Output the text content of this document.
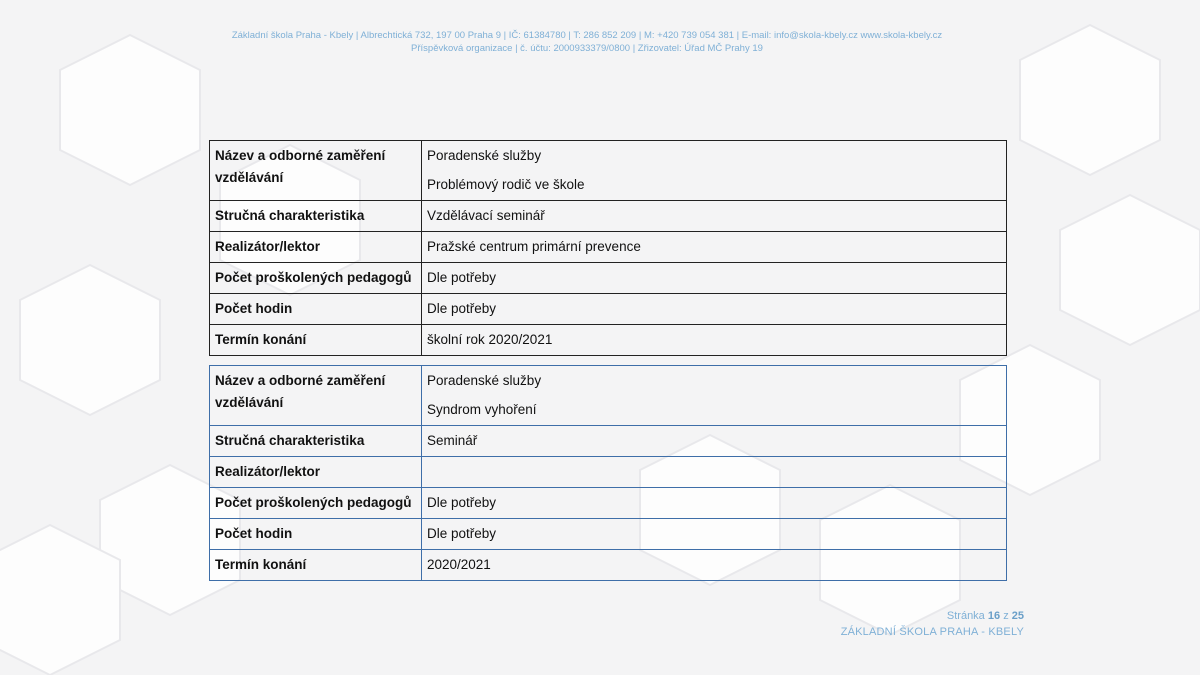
Základní škola Praha - Kbely | Albrechtická 732, 197 00 Praha 9 | IČ: 61384780 | T: 286 852 209 | M: +420 739 054 381 | E-mail: info@skola-kbely.cz www.skola-kbely.cz
Příspěvková organizace | č. účtu: 2000933379/0800 | Zřizovatel: Úřad MČ Prahy 19
Název a odborné zaměření vzdělávání	Poradenské služby
Problémový rodič ve škole

Stručná charakteristika	Vzdělávací seminář
Realizátor/lektor	Pražské centrum primární prevence
Počet proškolených pedagogů	Dle potřeby
Počet hodin	Dle potřeby
Termín konání	školní rok 2020/2021
Název a odborné zaměření vzdělávání	Poradenské služby
Syndrom vyhoření

Stručná charakteristika	Seminář
Realizátor/lektor	
Počet proškolených pedagogů	Dle potřeby
Počet hodin	Dle potřeby
Termín konání	2020/2021
Stránka 16 z 25
ZÁKLADNÍ ŠKOLA PRAHA - KBELY
